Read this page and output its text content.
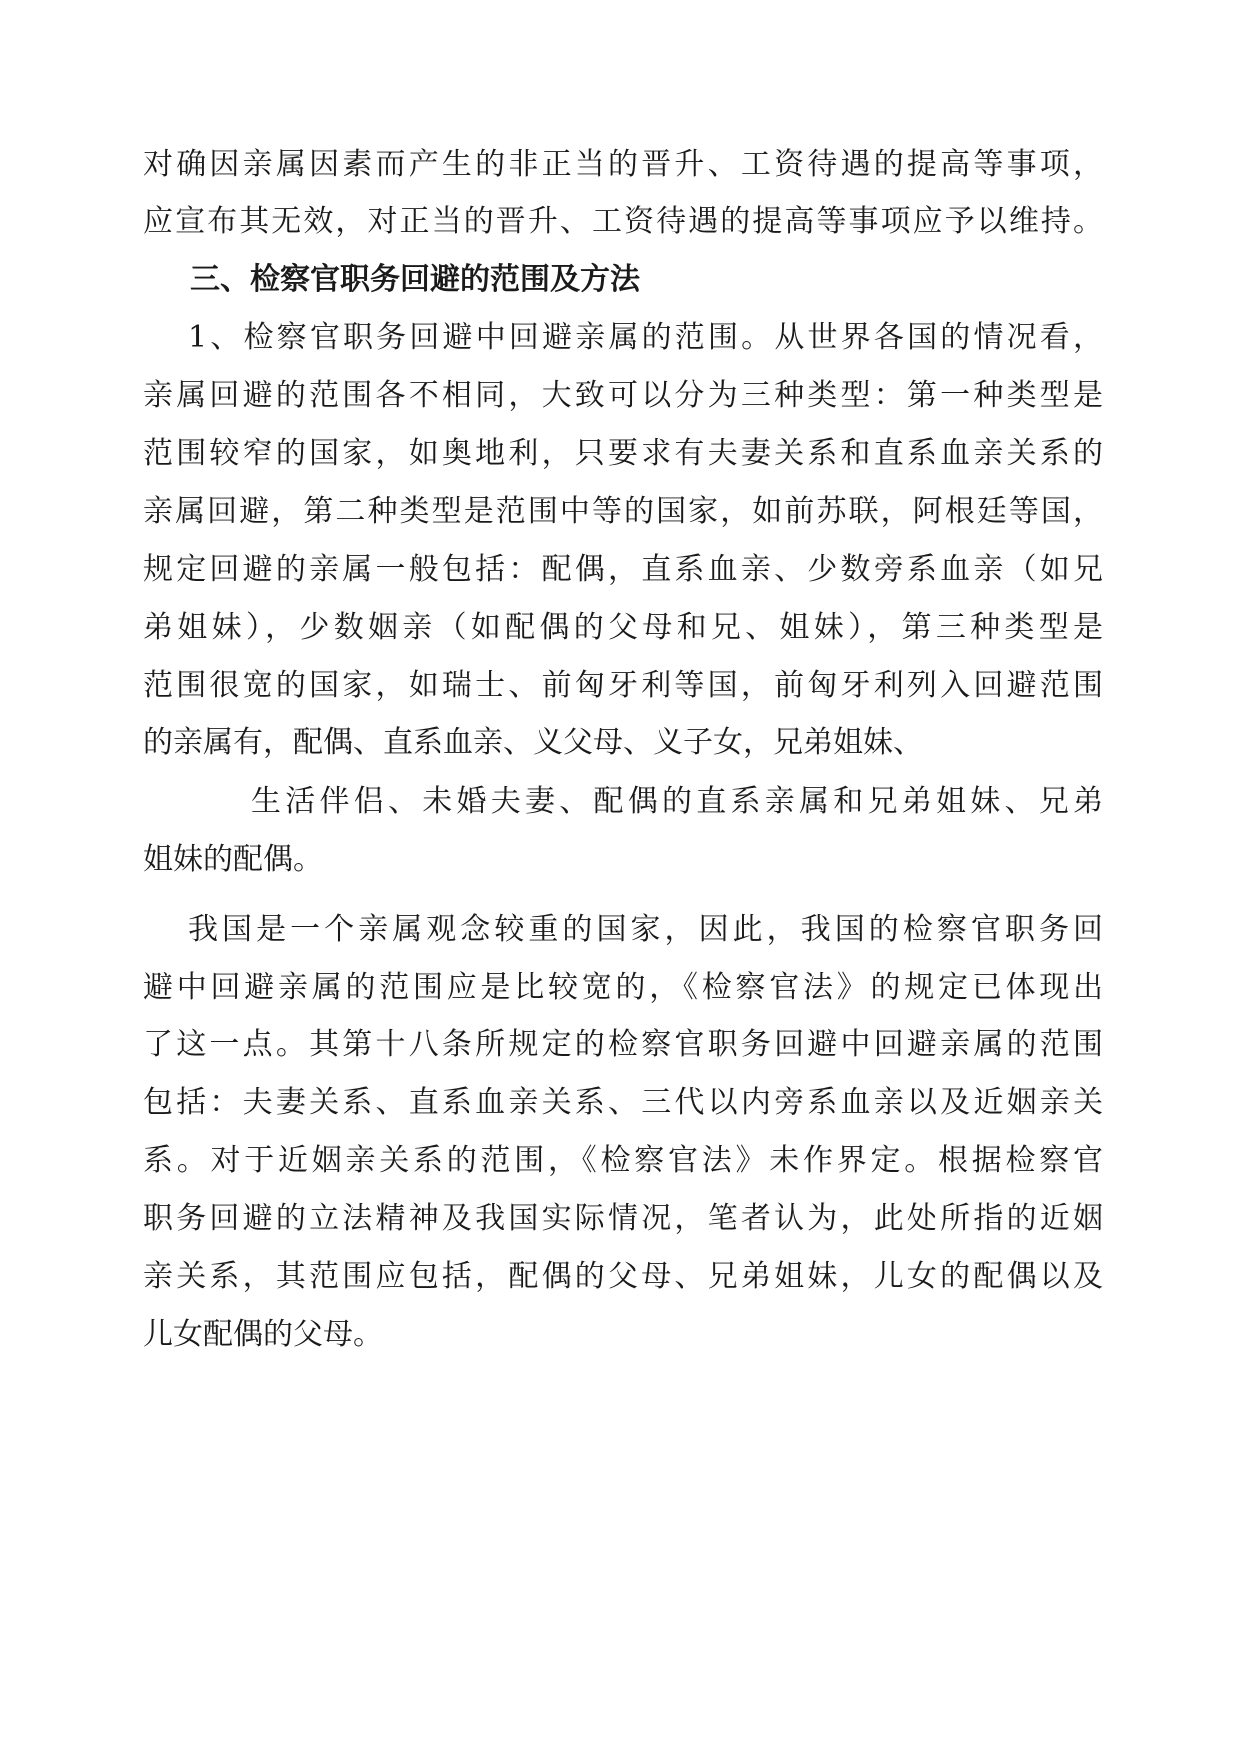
对确因亲属因素而产生的非正当的晋升、工资待遇的提高等事项，
应宣布其无效，对正当的晋升、工资待遇的提高等事项应予以维持。
三、检察官职务回避的范围及方法
1、检察官职务回避中回避亲属的范围。从世界各国的情况看，
亲属回避的范围各不相同，大致可以分为三种类型：第一种类型是
范围较窄的国家，如奥地利，只要求有夫妻关系和直系血亲关系的
亲属回避，第二种类型是范围中等的国家，如前苏联，阿根廷等国，
规定回避的亲属一般包括：配偶，直系血亲、少数旁系血亲（如兄
弟姐妹），少数姻亲（如配偶的父母和兄、姐妹），第三种类型是
范围很宽的国家，如瑞士、前匈牙利等国，前匈牙利列入回避范围
的亲属有，配偶、直系血亲、义父母、义子女，兄弟姐妹、
生活伴侣、未婚夫妻、配偶的直系亲属和兄弟姐妹、兄弟
姐妹的配偶。
我国是一个亲属观念较重的国家，因此，我国的检察官职务回
避中回避亲属的范围应是比较宽的，《检察官法》的规定已体现出
了这一点。其第十八条所规定的检察官职务回避中回避亲属的范围
包括：夫妻关系、直系血亲关系、三代以内旁系血亲以及近姻亲关
系。对于近姻亲关系的范围，《检察官法》未作界定。根据检察官
职务回避的立法精神及我国实际情况，笔者认为，此处所指的近姻
亲关系，其范围应包括，配偶的父母、兄弟姐妹，儿女的配偶以及
儿女配偶的父母。
